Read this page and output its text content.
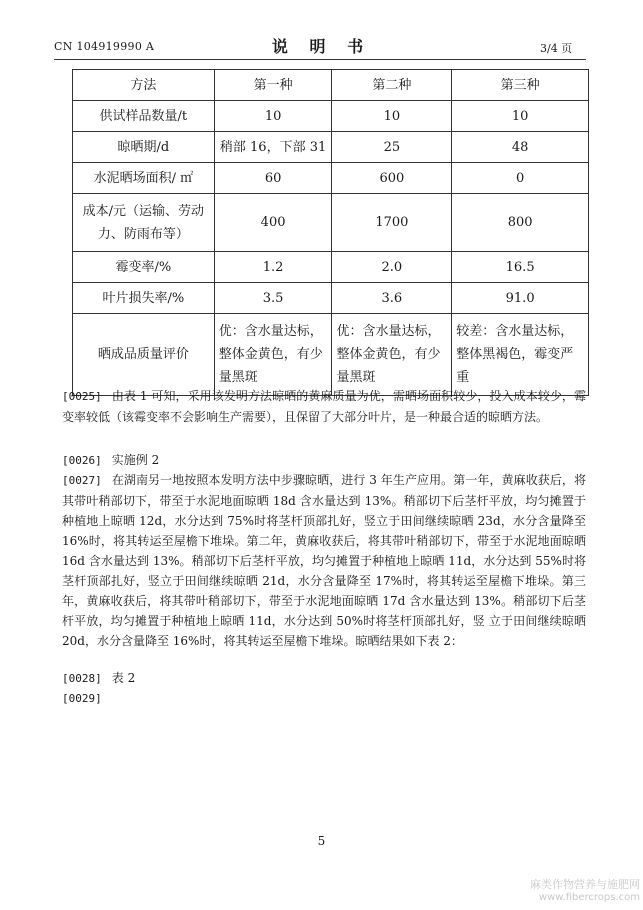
CN 104919990 A	说 明 书	3/4 页
方法	第一种	第二种	第三种
供试样品数量/t	10	10	10
晾晒期/d	稍部 16，下部 31	25	48
水泥晒场面积/ ㎡	60	600	0
成本/元（运输、劳动力、防雨布等）	400	1700	800
霉变率/%	1.2	2.0	16.5
叶片损失率/%	3.5	3.6	91.0
晒成品质量评价	优：含水量达标，整体金黄色，有少量黑斑	优：含水量达标，整体金黄色，有少量黑斑	较差：含水量达标，整体黑褐色，霉变严重
[0025] 由表 1 可知，采用该发明方法晾晒的黄麻质量为优，需晒场面积较少，投入成本较少，霉变率较低（该霉变率不会影响生产需要），且保留了大部分叶片，是一种最合适的晾晒方法。
[0026] 实施例 2
[0027] 在湖南另一地按照本发明方法中步骤晾晒，进行 3 年生产应用。第一年，黄麻收获后，将其带叶稍部切下，带至于水泥地面晾晒 18d 含水量达到 13%。稍部切下后茎杆平放，均匀摊置于种植地上晾晒 12d，水分达到 75%时将茎杆顶部扎好，竖立于田间继续晾晒 23d，水分含量降至 16%时，将其转运至屋檐下堆垛。第二年，黄麻收获后，将其带叶稍部切下，带至于水泥地面晾晒 16d 含水量达到 13%。稍部切下后茎杆平放，均匀摊置于种植地上晾晒 11d，水分达到 55%时将茎杆顶部扎好，竖立于田间继续晾晒 21d，水分含量降至 17%时，将其转运至屋檐下堆垛。第三年，黄麻收获后，将其带叶稍部切下，带至于水泥地面晾晒 17d 含水量达到 13%。稍部切下后茎杆平放，均匀摊置于种植地上晾晒 11d，水分达到 50%时将茎杆顶部扎好，竖 立于田间继续晾晒 20d，水分含量降至 16%时，将其转运至屋檐下堆垛。晾晒结果如下表 2：
[0028] 表 2
[0029]
5
麻类作物营养与施肥网
www.fibercrops.com
